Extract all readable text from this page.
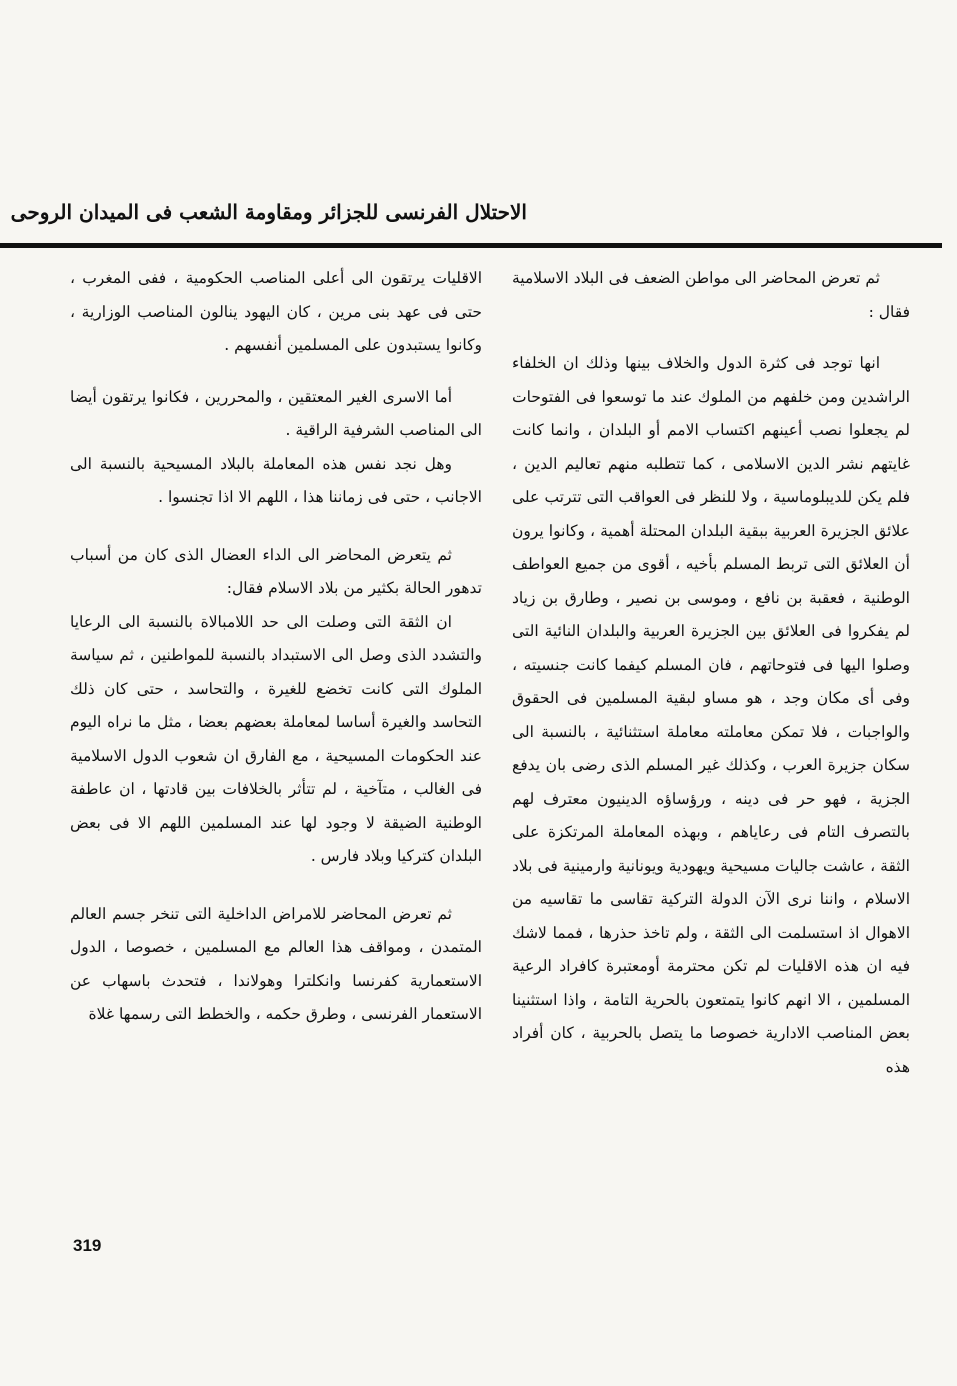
الاحتلال الفرنسى للجزائر ومقاومة الشعب فى الميدان الروحى

ثم تعرض المحاضر الى مواطن الضعف فى البلاد الاسلامية فقال :

انها توجد فى كثرة الدول والخلاف بينها وذلك ان الخلفاء الراشدين ومن خلفهم من الملوك عند ما توسعوا فى الفتوحات لم يجعلوا نصب أعينهم اكتساب الامم أو البلدان ، وانما كانت غايتهم نشر الدين الاسلامى ، كما تتطلبه منهم تعاليم الدين ، فلم يكن للديبلوماسية ، ولا للنظر فى العواقب التى تترتب على علائق الجزيرة العربية ببقية البلدان المحتلة أهمية ، وكانوا يرون أن العلائق التى تربط المسلم بأخيه ، أقوى من جميع العواطف الوطنية ، فعقبة بن نافع ، وموسى بن نصير ، وطارق بن زياد لم يفكروا فى العلائق بين الجزيرة العربية والبلدان النائية التى وصلوا اليها فى فتوحاتهم ، فان المسلم كيفما كانت جنسيته ، وفى أى مكان وجد ، هو مساو لبقية المسلمين فى الحقوق والواجبات ، فلا تمكن معاملته معاملة استثنائية ، بالنسبة الى سكان جزيرة العرب ، وكذلك غير المسلم الذى رضى بان يدفع الجزية ، فهو حر فى دينه ، ورؤساؤه الدينيون معترف لهم بالتصرف التام فى رعاياهم ، وبهذه المعاملة المرتكزة على الثقة ، عاشت جاليات مسيحية ويهودية ويونانية وارمينية فى بلاد الاسلام ، واننا نرى الآن الدولة التركية تقاسى ما تقاسيه من الاهوال اذ استسلمت الى الثقة ، ولم تاخذ حذرها ، فمما لاشك فيه ان هذه الاقليات لم تكن محترمة أومعتبرة كافراد الرعية المسلمين ، الا انهم كانوا يتمتعون بالحرية التامة ، واذا استثنينا بعض المناصب الادارية خصوصا ما يتصل بالحربية ، كان أفراد هذه

الاقليات يرتقون الى أعلى المناصب الحكومية ، ففى المغرب ، حتى فى عهد بنى مرين ، كان اليهود ينالون المناصب الوزارية ، وكانوا يستبدون على المسلمين أنفسهم .

أما الاسرى الغير المعتقين ، والمحررين ، فكانوا يرتقون أيضا الى المناصب الشرفية الراقية .

وهل نجد نفس هذه المعاملة بالبلاد المسيحية بالنسبة الى الاجانب ، حتى فى زماننا هذا ، اللهم الا اذا تجنسوا .

ثم يتعرض المحاضر الى الداء العضال الذى كان من أسباب تدهور الحالة بكثير من بلاد الاسلام فقال:

ان الثقة التى وصلت الى حد اللامبالاة بالنسبة الى الرعايا والتشدد الذى وصل الى الاستبداد بالنسبة للمواطنين ، ثم سياسة الملوك التى كانت تخضع للغيرة ، والتحاسد ، حتى كان ذلك التحاسد والغيرة أساسا لمعاملة بعضهم بعضا ، مثل ما نراه اليوم عند الحكومات المسيحية ، مع الفارق ان شعوب الدول الاسلامية فى الغالب ، متآخية ، لم تتأثر بالخلافات بين قادتها ، ان عاطفة الوطنية الضيقة لا وجود لها عند المسلمين اللهم الا فى بعض البلدان كتركيا وبلاد فارس .

ثم تعرض المحاضر للامراض الداخلية التى تنخر جسم العالم المتمدن ، ومواقف هذا العالم مع المسلمين ، خصوصا ، الدول الاستعمارية كفرنسا وانكلترا وهولاندا ، فتحدث باسهاب عن الاستعمار الفرنسى ، وطرق حكمه ، والخطط التى رسمها غلاة

319
